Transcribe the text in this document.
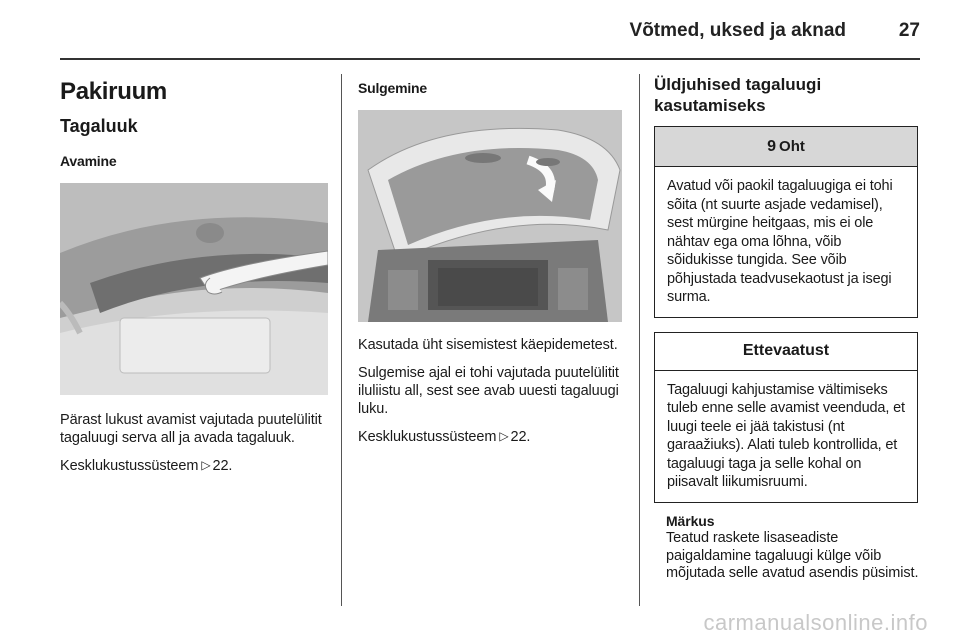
Võtmed, uksed ja aknad	27
Pakiruum
Tagaluuk
Avamine

Pärast lukust avamist vajutada puutelülitit tagaluugi serva all ja avada tagaluuk.

Kesklukustussüsteem ▷ 22.

Sulgemine

Kasutada üht sisemistest käepidemetest.

Sulgemise ajal ei tohi vajutada puutelülitit iluliistu all, sest see avab uuesti tagaluugi luku.

Kesklukustussüsteem ▷ 22.

Üldjuhised tagaluugi
kasutamiseks
9 Oht
Avatud või paokil tagaluugiga ei tohi sõita (nt suurte asjade vedamisel), sest mürgine heitgaas, mis ei ole nähtav ega oma lõhna, võib sõidukisse tungida. See võib põhjustada teadvusekaotust ja isegi surma.
Ettevaatust
Tagaluugi kahjustamise vältimiseks tuleb enne selle avamist veenduda, et luugi teele ei jää takistusi (nt garaažiuks). Alati tuleb kontrollida, et tagaluugi taga ja selle kohal on piisavalt liikumisruumi.
Märkus
Teatud raskete lisaseadiste paigaldamine tagaluugi külge võib mõjutada selle avatud asendis püsimist.
carmanualsonline.info
